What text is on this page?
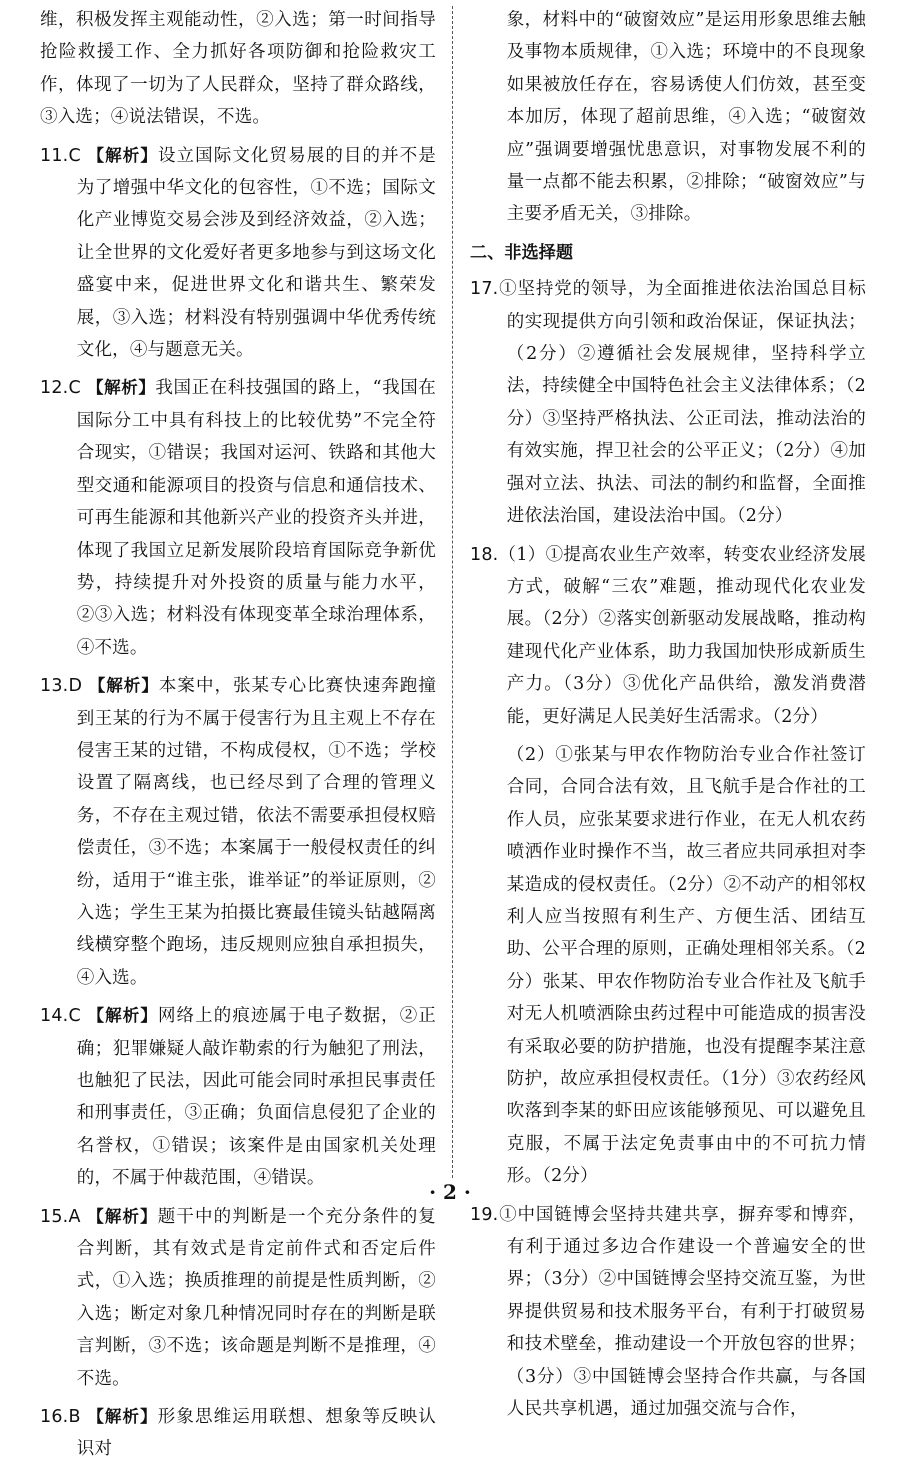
维，积极发挥主观能动性，②入选；第一时间指导抢险救援工作、全力抓好各项防御和抢险救灾工作，体现了一切为了人民群众，坚持了群众路线，③入选；④说法错误，不选。

11.C 【解析】设立国际文化贸易展的目的并不是为了增强中华文化的包容性，①不选；国际文化产业博览交易会涉及到经济效益，②入选；让全世界的文化爱好者更多地参与到这场文化盛宴中来，促进世界文化和谐共生、繁荣发展，③入选；材料没有特别强调中华优秀传统文化，④与题意无关。
12.C 【解析】我国正在科技强国的路上，“我国在国际分工中具有科技上的比较优势”不完全符合现实，①错误；我国对运河、铁路和其他大型交通和能源项目的投资与信息和通信技术、可再生能源和其他新兴产业的投资齐头并进，体现了我国立足新发展阶段培育国际竞争新优势，持续提升对外投资的质量与能力水平，②③入选；材料没有体现变革全球治理体系，④不选。
13.D 【解析】本案中，张某专心比赛快速奔跑撞到王某的行为不属于侵害行为且主观上不存在侵害王某的过错，不构成侵权，①不选；学校设置了隔离线，也已经尽到了合理的管理义务，不存在主观过错，依法不需要承担侵权赔偿责任，③不选；本案属于一般侵权责任的纠纷，适用于“谁主张，谁举证”的举证原则，②入选；学生王某为拍摄比赛最佳镜头钻越隔离线横穿整个跑场，违反规则应独自承担损失，④入选。
14.C 【解析】网络上的痕迹属于电子数据，②正确；犯罪嫌疑人敲诈勒索的行为触犯了刑法，也触犯了民法，因此可能会同时承担民事责任和刑事责任，③正确；负面信息侵犯了企业的名誉权，①错误；该案件是由国家机关处理的，不属于仲裁范围，④错误。
15.A 【解析】题干中的判断是一个充分条件的复合判断，其有效式是肯定前件式和否定后件式，①入选；换质推理的前提是性质判断，②入选；断定对象几种情况同时存在的判断是联言判断，③不选；该命题是判断不是推理，④不选。
16.B 【解析】形象思维运用联想、想象等反映认识对

象，材料中的“破窗效应”是运用形象思维去触及事物本质规律，①入选；环境中的不良现象如果被放任存在，容易诱使人们仿效，甚至变本加厉，体现了超前思维，④入选；“破窗效应”强调要增强忧患意识，对事物发展不利的量一点都不能去积累，②排除；“破窗效应”与主要矛盾无关，③排除。

二、非选择题
17.①坚持党的领导，为全面推进依法治国总目标的实现提供方向引领和政治保证，保证执法；（2分）②遵循社会发展规律，坚持科学立法，持续健全中国特色社会主义法律体系；（2分）③坚持严格执法、公正司法，推动法治的有效实施，捍卫社会的公平正义；（2分）④加强对立法、执法、司法的制约和监督，全面推进依法治国，建设法治中国。（2分）
18.（1）①提高农业生产效率，转变农业经济发展方式，破解“三农”难题，推动现代化农业发展。（2分）②落实创新驱动发展战略，推动构建现代化产业体系，助力我国加快形成新质生产力。（3分）③优化产品供给，激发消费潜能，更好满足人民美好生活需求。（2分）

（2）①张某与甲农作物防治专业合作社签订合同，合同合法有效，且飞航手是合作社的工作人员，应张某要求进行作业，在无人机农药喷洒作业时操作不当，故三者应共同承担对李某造成的侵权责任。（2分）②不动产的相邻权利人应当按照有利生产、方便生活、团结互助、公平合理的原则，正确处理相邻关系。（2分）张某、甲农作物防治专业合作社及飞航手对无人机喷洒除虫药过程中可能造成的损害没有采取必要的防护措施，也没有提醒李某注意防护，故应承担侵权责任。（1分）③农药经风吹落到李某的虾田应该能够预见、可以避免且克服，不属于法定免责事由中的不可抗力情形。（2分）

19.①中国链博会坚持共建共享，摒弃零和博弈，有利于通过多边合作建设一个普遍安全的世界；（3分）②中国链博会坚持交流互鉴，为世界提供贸易和技术服务平台，有利于打破贸易和技术壁垒，推动建设一个开放包容的世界；（3分）③中国链博会坚持合作共赢，与各国人民共享机遇，通过加强交流与合作，
· 2 ·
